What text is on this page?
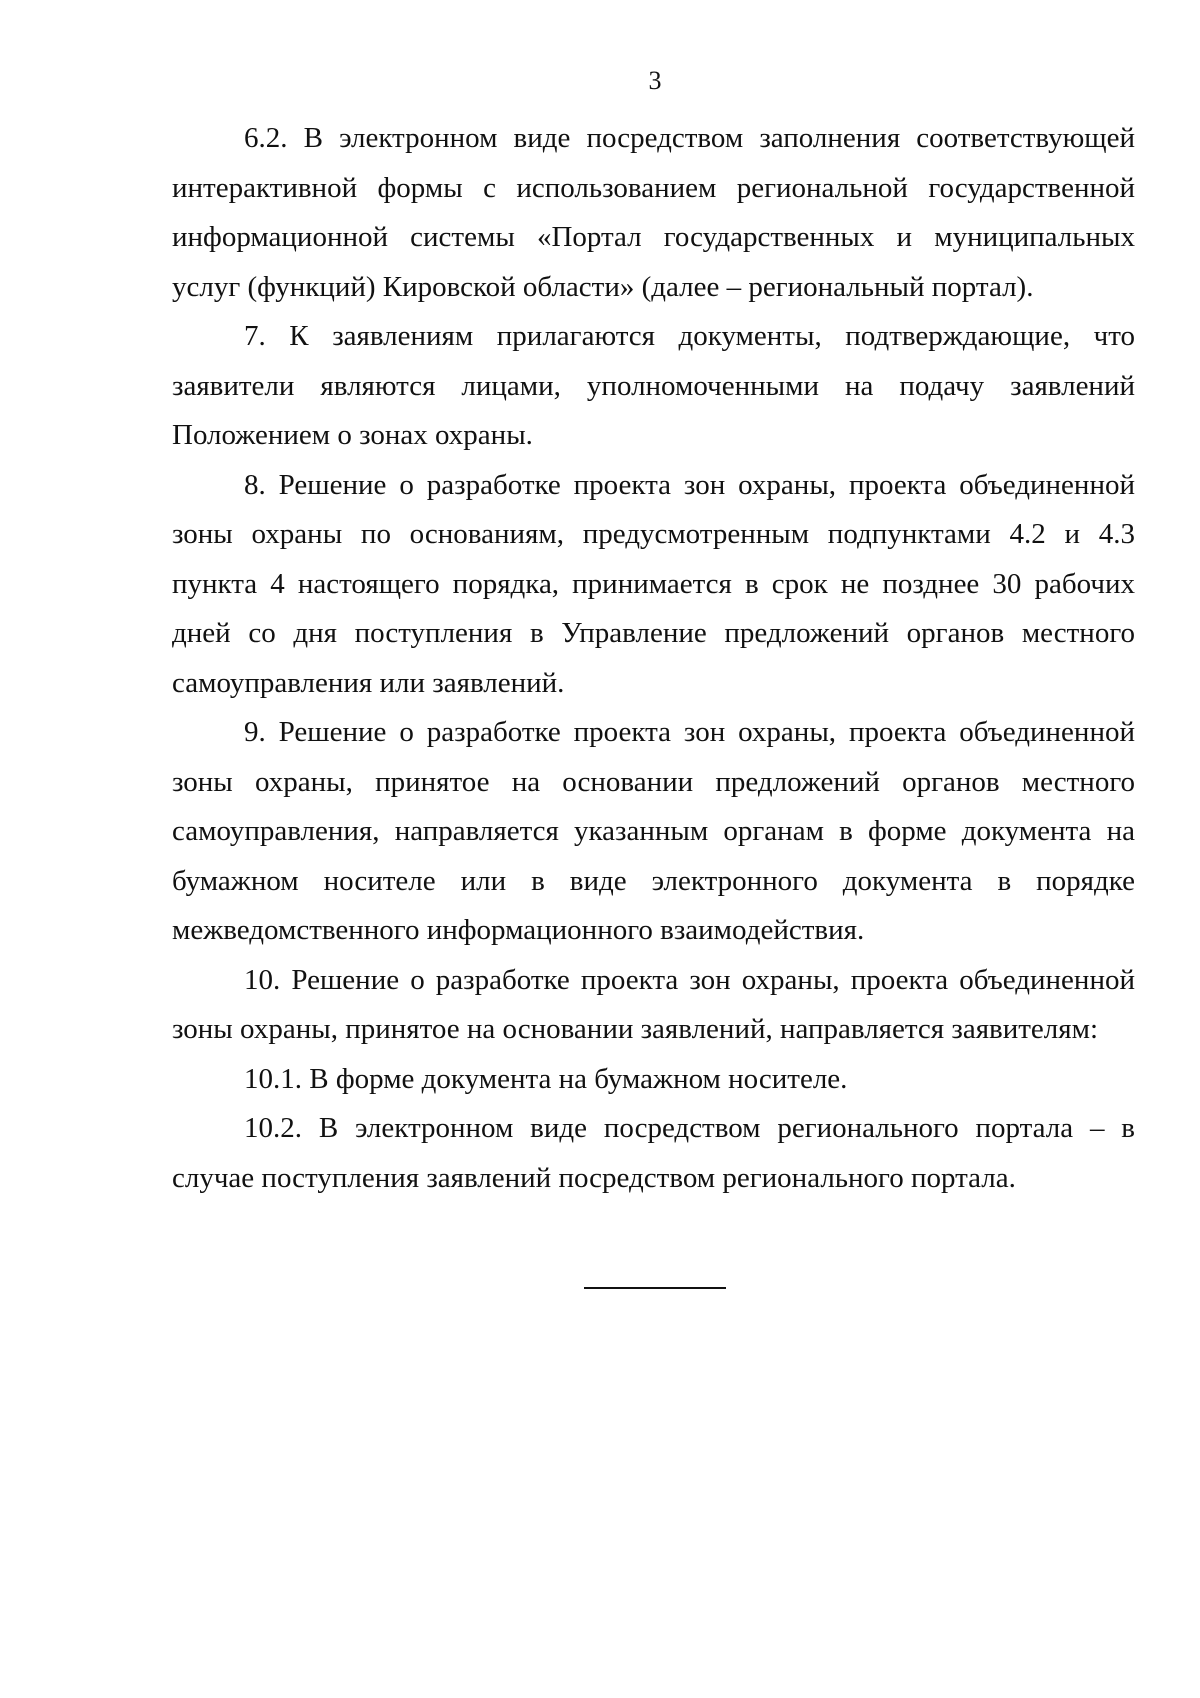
3

6.2. В электронном виде посредством заполнения соответствующей интерактивной формы с использованием региональной государственной информационной системы «Портал государственных и муниципальных услуг (функций) Кировской области» (далее – региональный портал).

7. К заявлениям прилагаются документы, подтверждающие, что заявители являются лицами, уполномоченными на подачу заявлений Положением о зонах охраны.

8. Решение о разработке проекта зон охраны, проекта объединенной зоны охраны по основаниям, предусмотренным подпунктами 4.2 и 4.3 пункта 4 настоящего порядка, принимается в срок не позднее 30 рабочих дней со дня поступления в Управление предложений органов местного самоуправления или заявлений.

9. Решение о разработке проекта зон охраны, проекта объединенной зоны охраны, принятое на основании предложений органов местного самоуправления, направляется указанным органам в форме документа на бумажном носителе или в виде электронного документа в порядке межведомственного информационного взаимодействия.

10. Решение о разработке проекта зон охраны, проекта объединенной зоны охраны, принятое на основании заявлений, направляется заявителям:

10.1. В форме документа на бумажном носителе.

10.2. В электронном виде посредством регионального портала – в случае поступления заявлений посредством регионального портала.
